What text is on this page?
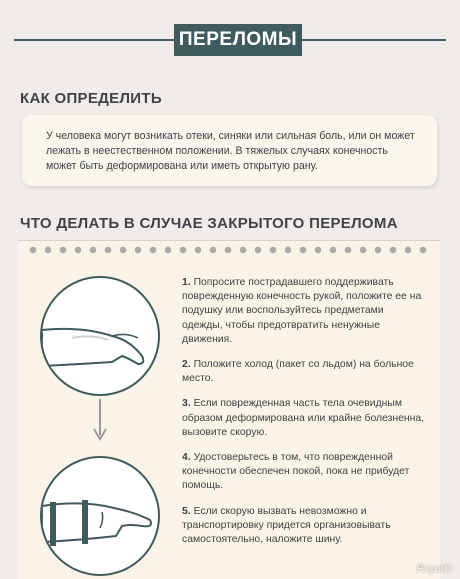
ПЕРЕЛОМЫ
КАК ОПРЕДЕЛИТЬ

У человека могут возникать отеки, синяки или сильная боль, или он может лежать в неестественном положении. В тяжелых случаях конечность может быть деформирована или иметь открытую рану.

ЧТО ДЕЛАТЬ В СЛУЧАЕ ЗАКРЫТОГО ПЕРЕЛОМА

1. Попросите пострадавшего поддерживать поврежденную конечность рукой, положите ее на подушку или воспользуйтесь предметами одежды, чтобы предотвратить ненужные движения.

2. Положите холод (пакет со льдом) на больное место.

3. Если поврежденная часть тела очевидным образом деформирована или крайне болезненна, вызовите скорую.

4. Удостоверьтесь в том, что поврежденной конечности обеспечен покой, пока не прибудет помощь.

5. Если скорую вызвать невозможно и транспортировку придется организовывать самостоятельно, наложите шину.

ЯхуеЮ
